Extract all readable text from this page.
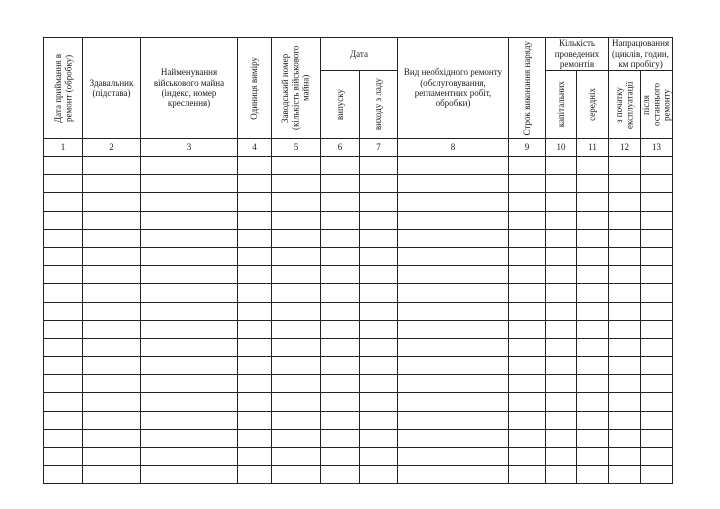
Дата приймання в ремонт (обробку)	Здавальник (підстава)	Найменування військового майна (індекс, номер креслення)	Одиниця виміру	Заводський номер (кількість військового майна)	Дата		Вид необхідного ремонту (обслуговування, регламентних робіт, обробки)	Строк виконання наряду	Кількість проведених ремонтів		Напрацювання (циклів, годин, км пробігу)	

					випуску	виходу з ладу			капітальних	середніх	з початку експлуатації	після останнього ремонту

1	2	3	4	5	6	7	8	9	10	11	12	13
